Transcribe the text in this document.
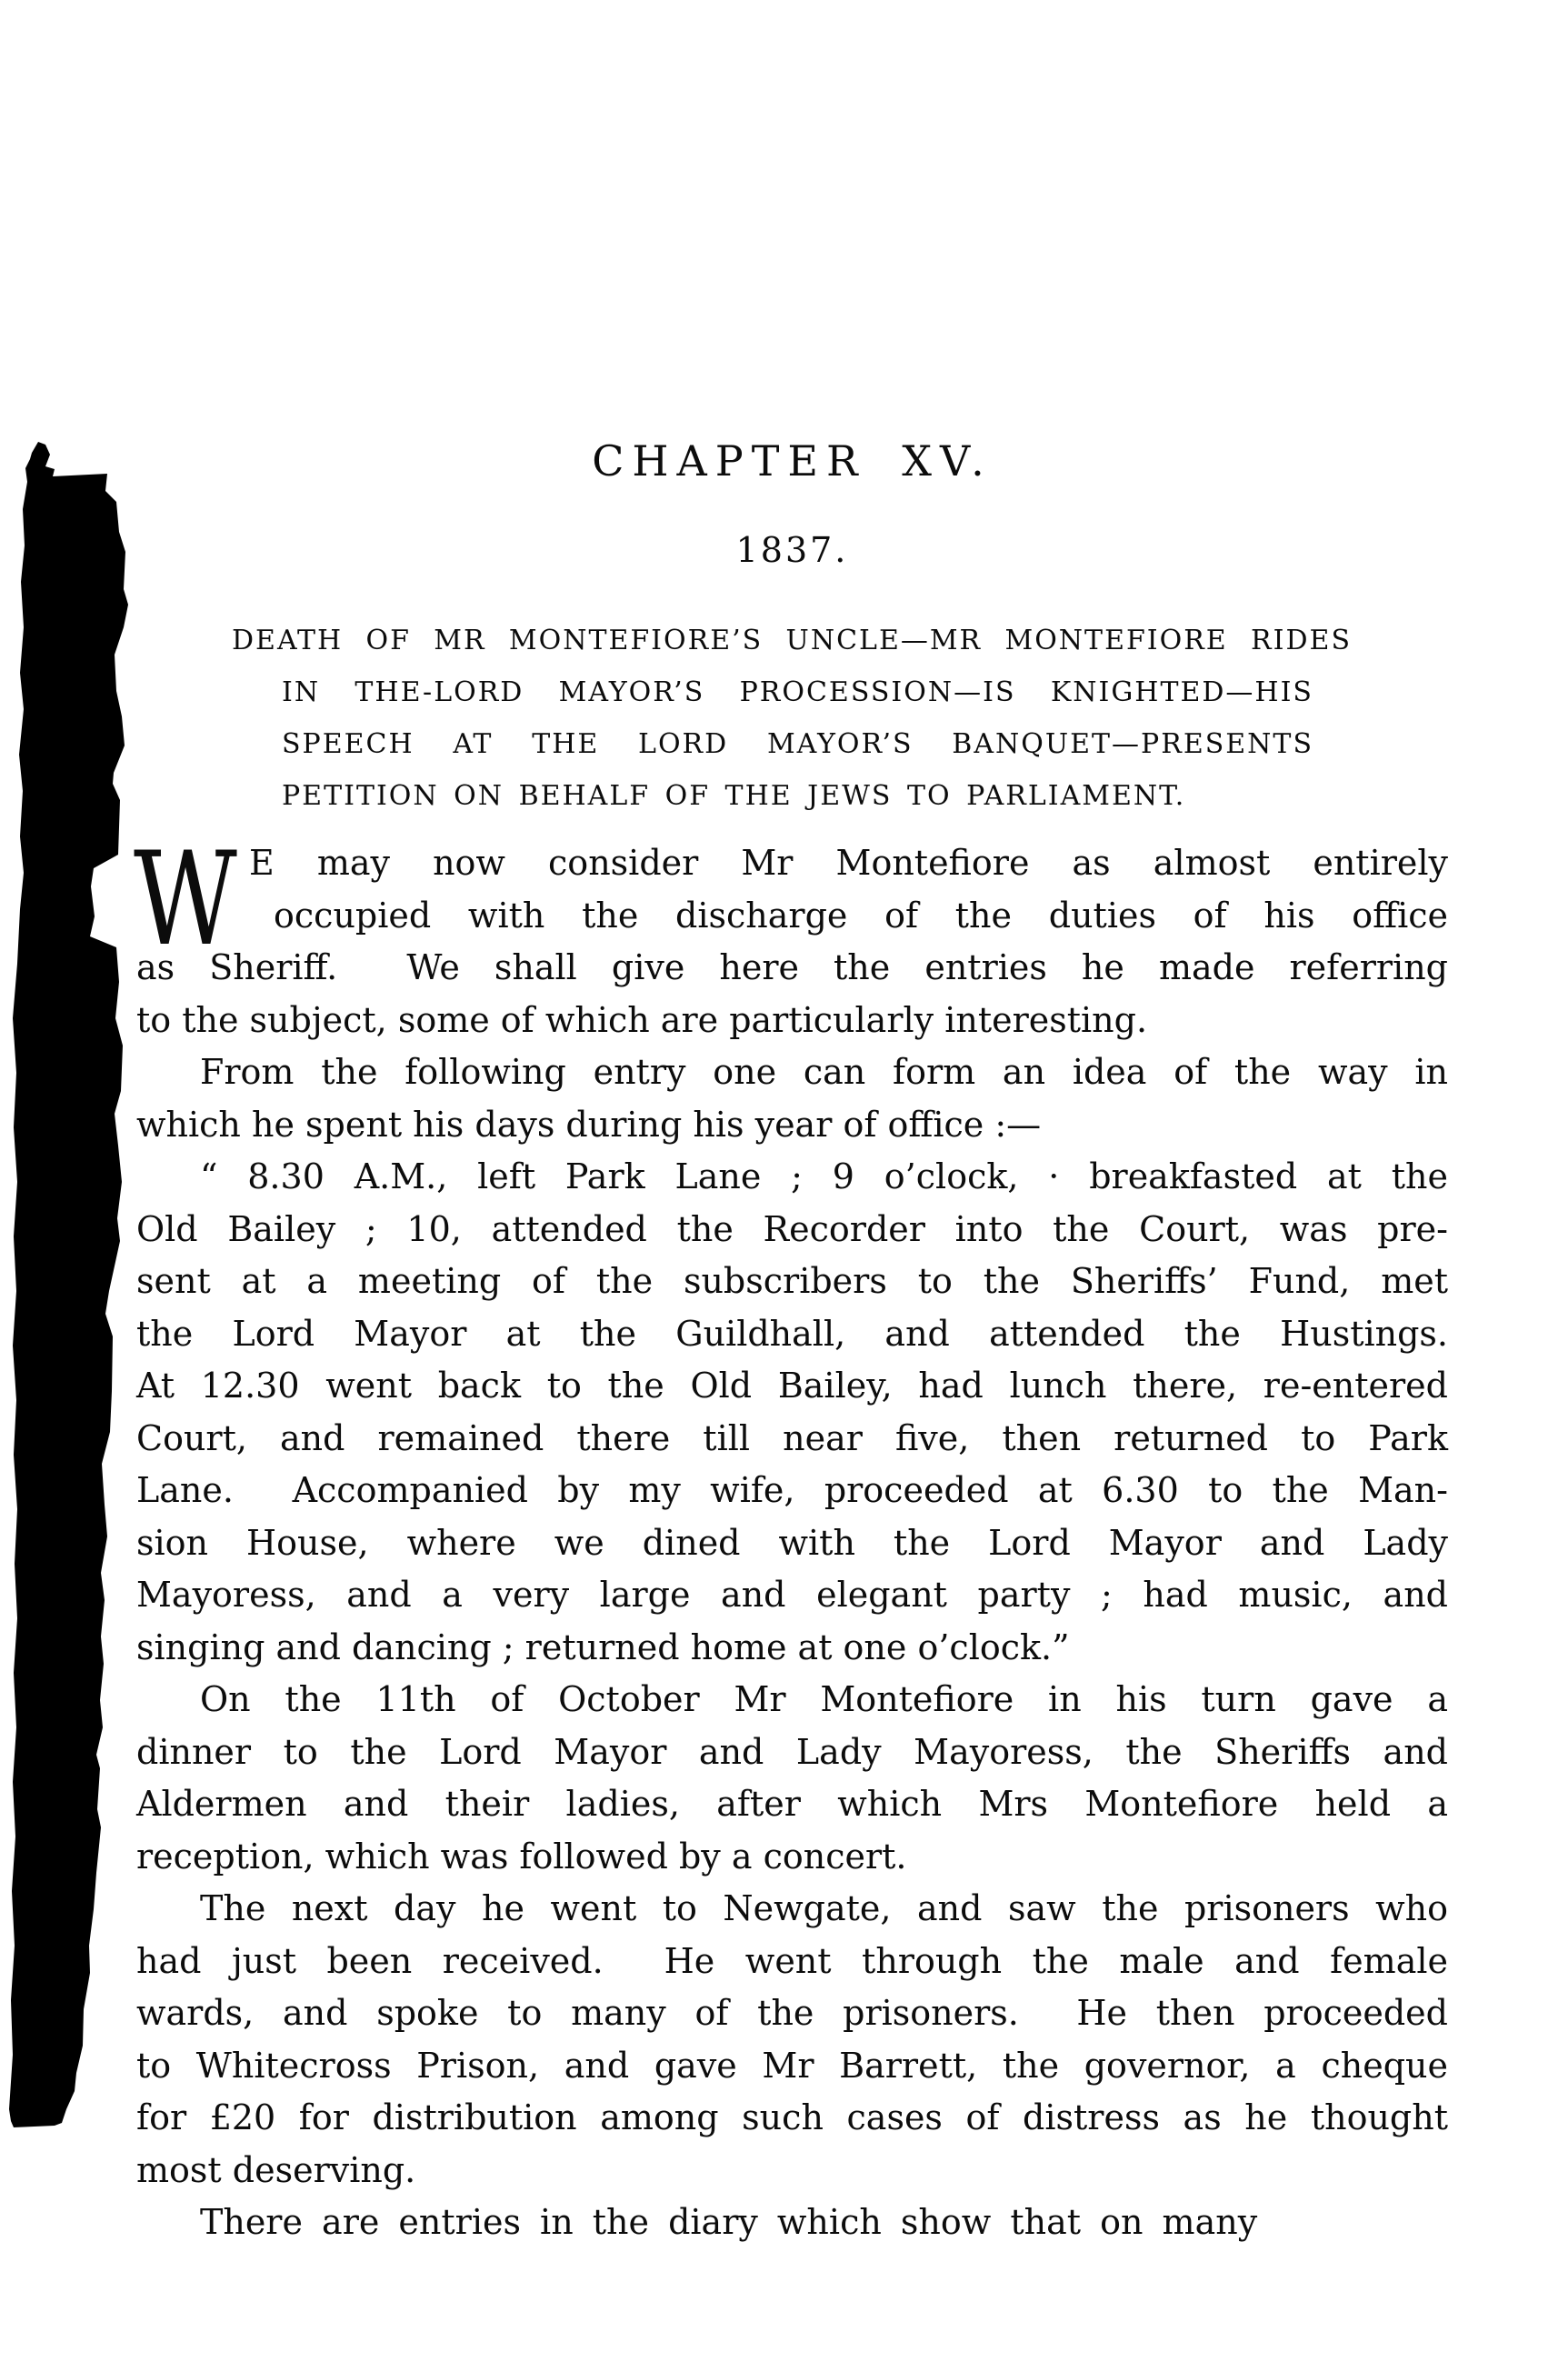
CHAPTER XV.
1837.
DEATH OF MR MONTEFIORE’S UNCLE—MR MONTEFIORE RIDES
IN THE-LORD MAYOR’S PROCESSION—IS KNIGHTED—HIS
SPEECH AT THE LORD MAYOR’S BANQUET—PRESENTS
PETITION ON BEHALF OF THE JEWS TO PARLIAMENT.
W E may now consider Mr Montefiore as almost entirely
occupied with the discharge of the duties of his office
as Sheriff.  We shall give here the entries he made referring
to the subject, some of which are particularly interesting.
From the following entry one can form an idea of the way in
which he spent his days during his year of office :—
“ 8.30 A.M., left Park Lane ; 9 o’clock, · breakfasted at the
Old Bailey ; 10, attended the Recorder into the Court, was pre-
sent at a meeting of the subscribers to the Sheriffs’ Fund, met
the Lord Mayor at the Guildhall, and attended the Hustings.
At 12.30 went back to the Old Bailey, had lunch there, re-entered
Court, and remained there till near five, then returned to Park
Lane.  Accompanied by my wife, proceeded at 6.30 to the Man-
sion House, where we dined with the Lord Mayor and Lady
Mayoress, and a very large and elegant party ; had music, and
singing and dancing ; returned home at one o’clock.”
On the 11th of October Mr Montefiore in his turn gave a
dinner to the Lord Mayor and Lady Mayoress, the Sheriffs and
Aldermen and their ladies, after which Mrs Montefiore held a
reception, which was followed by a concert.
The next day he went to Newgate, and saw the prisoners who
had just been received.  He went through the male and female
wards, and spoke to many of the prisoners.  He then proceeded
to Whitecross Prison, and gave Mr Barrett, the governor, a cheque
for £20 for distribution among such cases of distress as he thought
most deserving.
There are entries in the diary which show that on many
